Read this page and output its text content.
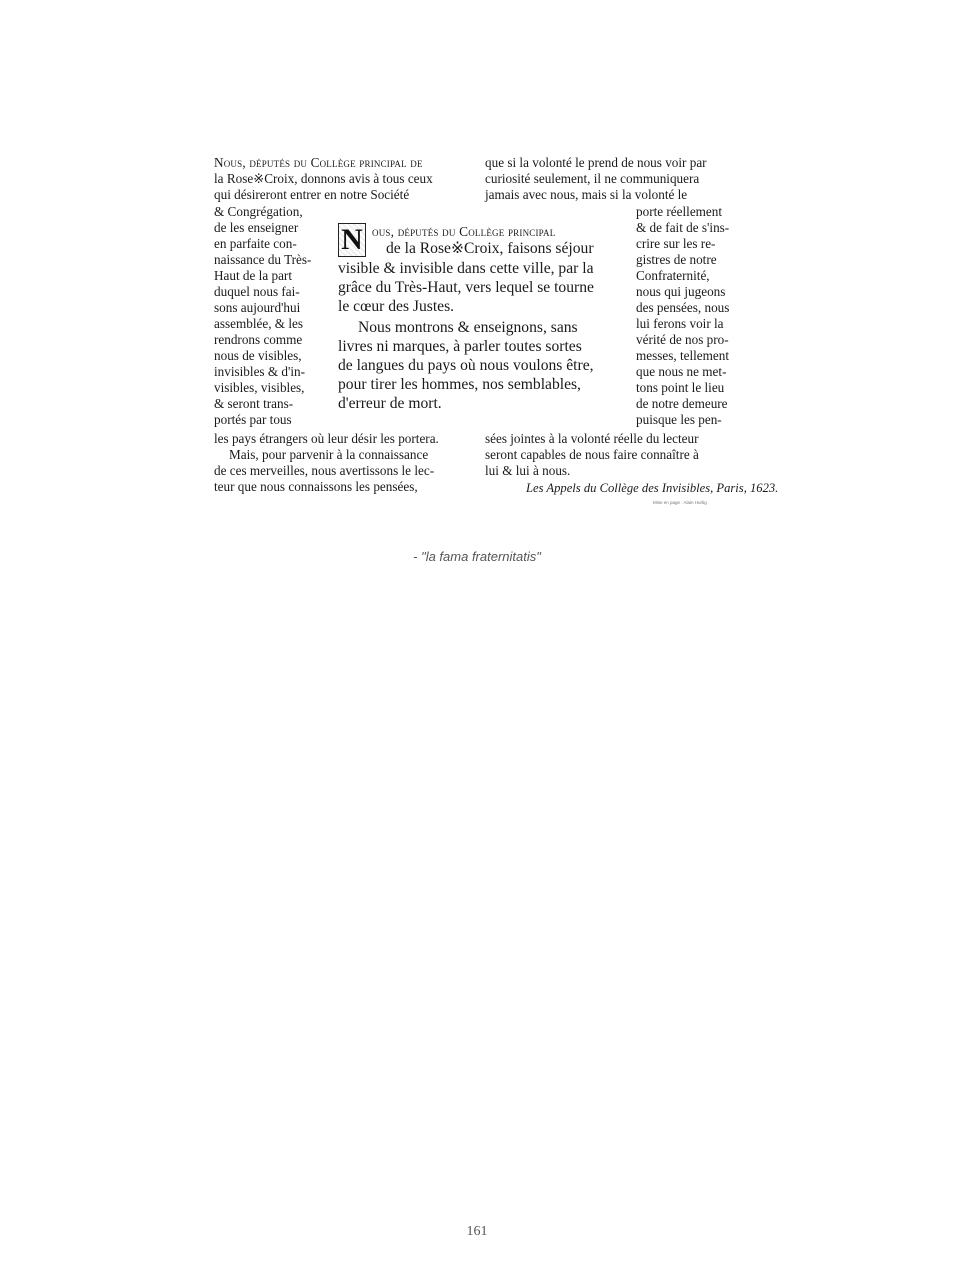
Nous, députés du Collège principal de
la Rose※Croix, donnons avis à tous ceux
qui désireront entrer en notre Société
que si la volonté le prend de nous voir par
curiosité seulement, il ne communiquera
jamais avec nous, mais si la volonté le
& Congrégation,
de les enseigner
en parfaite con-
naissance du Très-
Haut de la part
duquel nous fai-
sons aujourd'hui
assemblée, & les
rendrons comme
nous de visibles,
invisibles & d'in-
visibles, visibles,
& seront trans-
portés par tous
porte réellement
& de fait de s'ins-
crire sur les re-
gistres de notre
Confraternité,
nous qui jugeons
des pensées, nous
lui ferons voir la
vérité de nos pro-
messes, tellement
que nous ne met-
tons point le lieu
de notre demeure
puisque les pen-
N ous, députés du Collège principal
de la Rose※Croix, faisons séjour
visible & invisible dans cette ville, par la
grâce du Très-Haut, vers lequel se tourne
le cœur des Justes.
Nous montrons & enseignons, sans
livres ni marques, à parler toutes sortes
de langues du pays où nous voulons être,
pour tirer les hommes, nos semblables,
d'erreur de mort.
les pays étrangers où leur désir les portera.
Mais, pour parvenir à la connaissance
de ces merveilles, nous avertissons le lec-
teur que nous connaissons les pensées,
sées jointes à la volonté réelle du lecteur
seront capables de nous faire connaître à
lui & lui à nous.
Les Appels du Collège des Invisibles, Paris, 1623.
Mise en page : Alain Hurtig
- "la fama fraternitatis"
161
